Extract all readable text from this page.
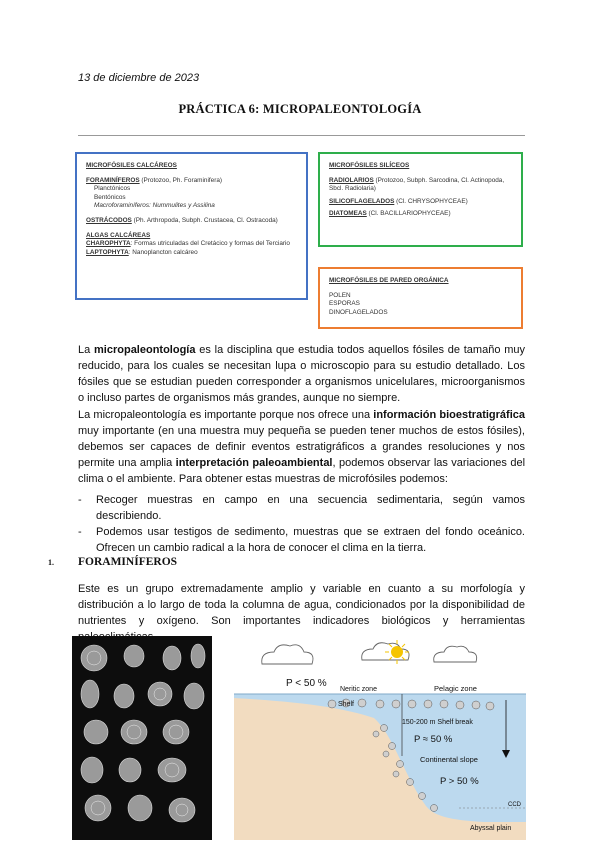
13 de diciembre de 2023
PRÁCTICA 6: MICROPALEONTOLOGÍA
MICROFÓSILES CALCÁREOS
FORAMINÍFEROS (Protozoo, Ph. Foraminifera)
Planctónicos
Bentónicos
Macroforaminíferos: Nummulites y Assilina
OSTRÁCODOS (Ph. Arthropoda, Subph. Crustacea, Cl. Ostracoda)
ALGAS CALCÁREAS
CHAROPHYTA: Formas utriculadas del Cretácico y formas del Terciario
LAPTOPHYTA: Nanoplancton calcáreo
MICROFÓSILES SILÍCEOS
RADIOLARIOS (Protozoo, Subph. Sarcodina, Cl. Actinopoda, Sbcl. Radiolaria)
SILICOFLAGELADOS (Cl. CHRYSOPHYCEAE)
DIATOMEAS (Cl. BACILLARIOPHYCEAE)
MICROFÓSILES DE PARED ORGÁNICA
POLEN
ESPORAS
DINOFLAGELADOS
La micropaleontología es la disciplina que estudia todos aquellos fósiles de tamaño muy reducido, para los cuales se necesitan lupa o microscopio para su estudio detallado. Los fósiles que se estudian pueden corresponder a organismos unicelulares, microorganismos o incluso partes de organismos más grandes, aunque no siempre.
La micropaleontología es importante porque nos ofrece una información bioestratigráfica muy importante (en una muestra muy pequeña se pueden tener muchos de estos fósiles), debemos ser capaces de definir eventos estratigráficos a grandes resoluciones y nos permite una amplia interpretación paleoambiental, podemos observar las variaciones del clima o el ambiente. Para obtener estas muestras de microfósiles podemos:
-	Recoger muestras en campo en una secuencia sedimentaria, según vamos describiendo.
-	Podemos usar testigos de sedimento, muestras que se extraen del fondo oceánico. Ofrecen un cambio radical a la hora de conocer el clima en la tierra.
1. FORAMINÍFEROS
Este es un grupo extremadamente amplio y variable en cuanto a su morfología y distribución a lo largo de toda la columna de agua, condicionados por la disponibilidad de nutrientes y oxígeno. Son importantes indicadores biológicos y herramientas
P < 50 %
Neritic zone	Pelagic zone
Shelf
150-200 m Shelf break
P ≈ 50 %
Continental slope
P > 50 %
CCD
Abyssal plain
